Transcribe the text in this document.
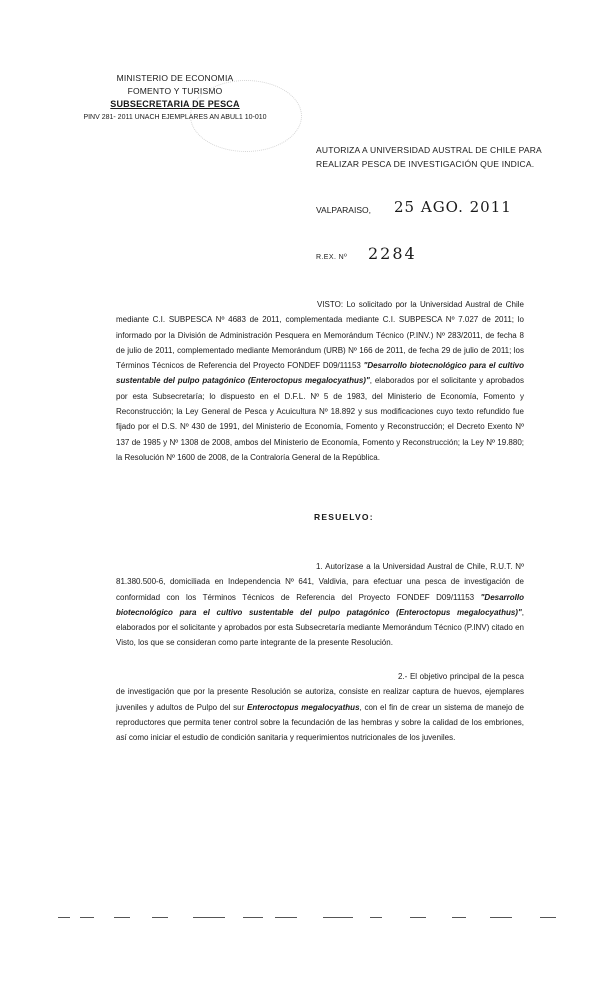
MINISTERIO DE ECONOMIA
FOMENTO Y TURISMO
SUBSECRETARIA DE PESCA
PINV 281- 2011 UNACH EJEMPLARES AN ABUL1 10-010
AUTORIZA A UNIVERSIDAD AUSTRAL DE CHILE PARA REALIZAR PESCA DE INVESTIGACIÓN QUE INDICA.
VALPARAISO, 25 AGO. 2011
R.EX. Nº 2284
VISTO: Lo solicitado por la Universidad Austral de Chile mediante C.I. SUBPESCA Nº 4683 de 2011, complementada mediante C.I. SUBPESCA Nº 7.027 de 2011; lo informado por la División de Administración Pesquera en Memorándum Técnico (P.INV.) Nº 283/2011, de fecha 8 de julio de 2011, complementado mediante Memorándum (URB) Nº 166 de 2011, de fecha 29 de julio de 2011; los Términos Técnicos de Referencia del Proyecto FONDEF D09/11153 "Desarrollo biotecnológico para el cultivo sustentable del pulpo patagónico (Enteroctopus megalocyathus)", elaborados por el solicitante y aprobados por esta Subsecretaría; lo dispuesto en el D.F.L. Nº 5 de 1983, del Ministerio de Economía, Fomento y Reconstrucción; la Ley General de Pesca y Acuicultura Nº 18.892 y sus modificaciones cuyo texto refundido fue fijado por el D.S. Nº 430 de 1991, del Ministerio de Economía, Fomento y Reconstrucción; el Decreto Exento Nº 137 de 1985 y Nº 1308 de 2008, ambos del Ministerio de Economía, Fomento y Reconstrucción; la Ley Nº 19.880; la Resolución Nº 1600 de 2008, de la Contraloría General de la República.
RESUELVO:
1. Autorízase a la Universidad Austral de Chile, R.U.T. Nº 81.380.500-6, domiciliada en Independencia Nº 641, Valdivia, para efectuar una pesca de investigación de conformidad con los Términos Técnicos de Referencia del Proyecto FONDEF D09/11153 "Desarrollo biotecnológico para el cultivo sustentable del pulpo patagónico (Enteroctopus megalocyathus)", elaborados por el solicitante y aprobados por esta Subsecretaría mediante Memorándum Técnico (P.INV) citado en Visto, los que se consideran como parte integrante de la presente Resolución.
2.- El objetivo principal de la pesca de investigación que por la presente Resolución se autoriza, consiste en realizar captura de huevos, ejemplares juveniles y adultos de Pulpo del sur Enteroctopus megalocyathus, con el fin de crear un sistema de manejo de reproductores que permita tener control sobre la fecundación de las hembras y sobre la calidad de los embriones, así como iniciar el estudio de condición sanitaria y requerimientos nutricionales de los juveniles.
